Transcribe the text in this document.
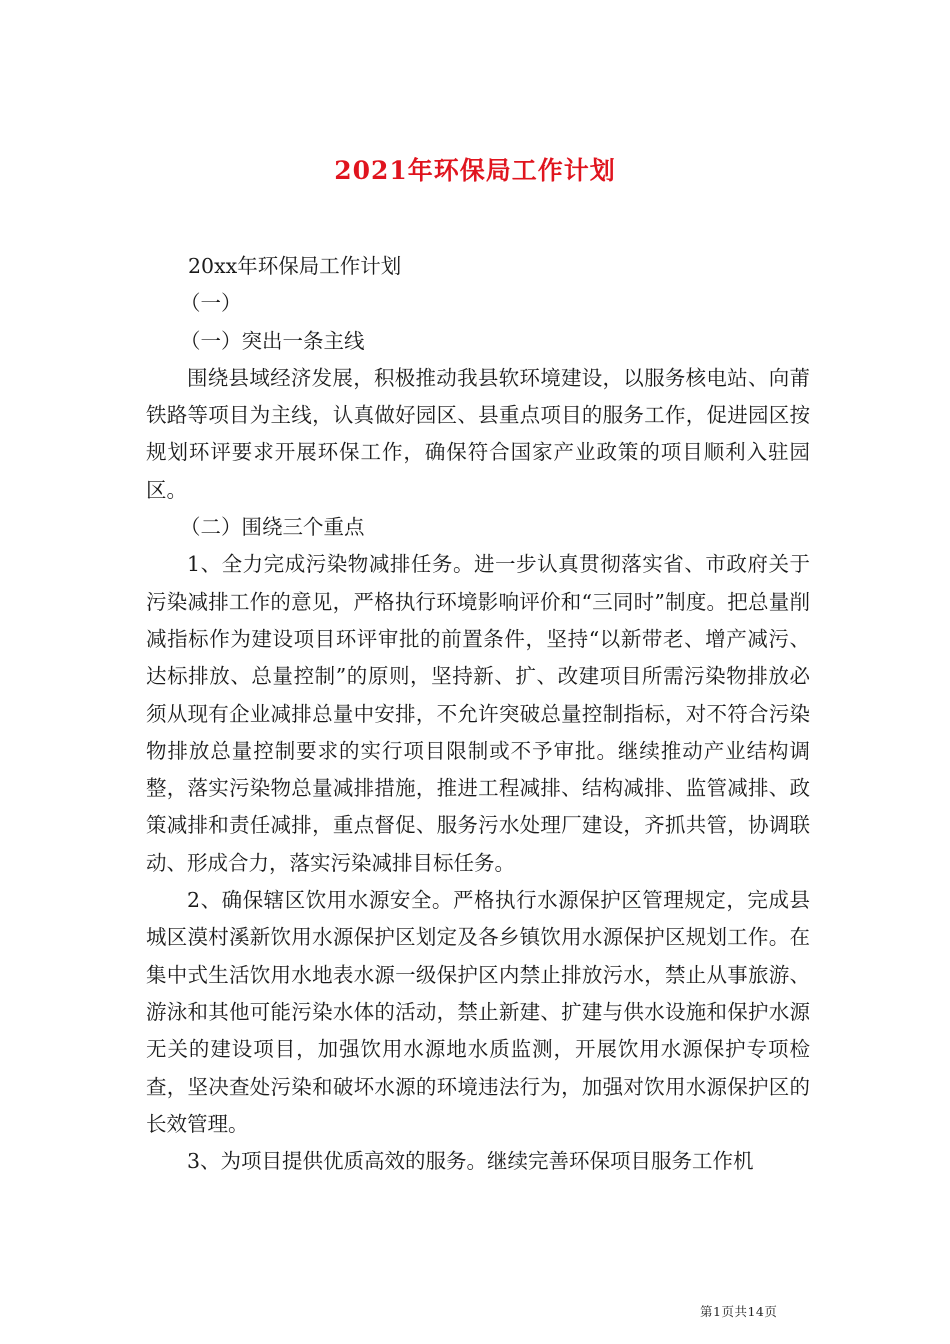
2021年环保局工作计划

20xx年环保局工作计划

（一）

（一）突出一条主线

围绕县域经济发展，积极推动我县软环境建设，以服务核电站、向莆铁路等项目为主线，认真做好园区、县重点项目的服务工作，促进园区按规划环评要求开展环保工作，确保符合国家产业政策的项目顺利入驻园区。

（二）围绕三个重点

1、全力完成污染物减排任务。进一步认真贯彻落实省、市政府关于污染减排工作的意见，严格执行环境影响评价和“三同时”制度。把总量削减指标作为建设项目环评审批的前置条件，坚持“以新带老、增产减污、达标排放、总量控制”的原则，坚持新、扩、改建项目所需污染物排放必须从现有企业减排总量中安排，不允许突破总量控制指标，对不符合污染物排放总量控制要求的实行项目限制或不予审批。继续推动产业结构调整，落实污染物总量减排措施，推进工程减排、结构减排、监管减排、政策减排和责任减排，重点督促、服务污水处理厂建设，齐抓共管，协调联动、形成合力，落实污染减排目标任务。

2、确保辖区饮用水源安全。严格执行水源保护区管理规定，完成县城区漠村溪新饮用水源保护区划定及各乡镇饮用水源保护区规划工作。在集中式生活饮用水地表水源一级保护区内禁止排放污水，禁止从事旅游、游泳和其他可能污染水体的活动，禁止新建、扩建与供水设施和保护水源无关的建设项目，加强饮用水源地水质监测，开展饮用水源保护专项检查，坚决查处污染和破坏水源的环境违法行为，加强对饮用水源保护区的长效管理。

3、为项目提供优质高效的服务。继续完善环保项目服务工作机

第1页共14页
